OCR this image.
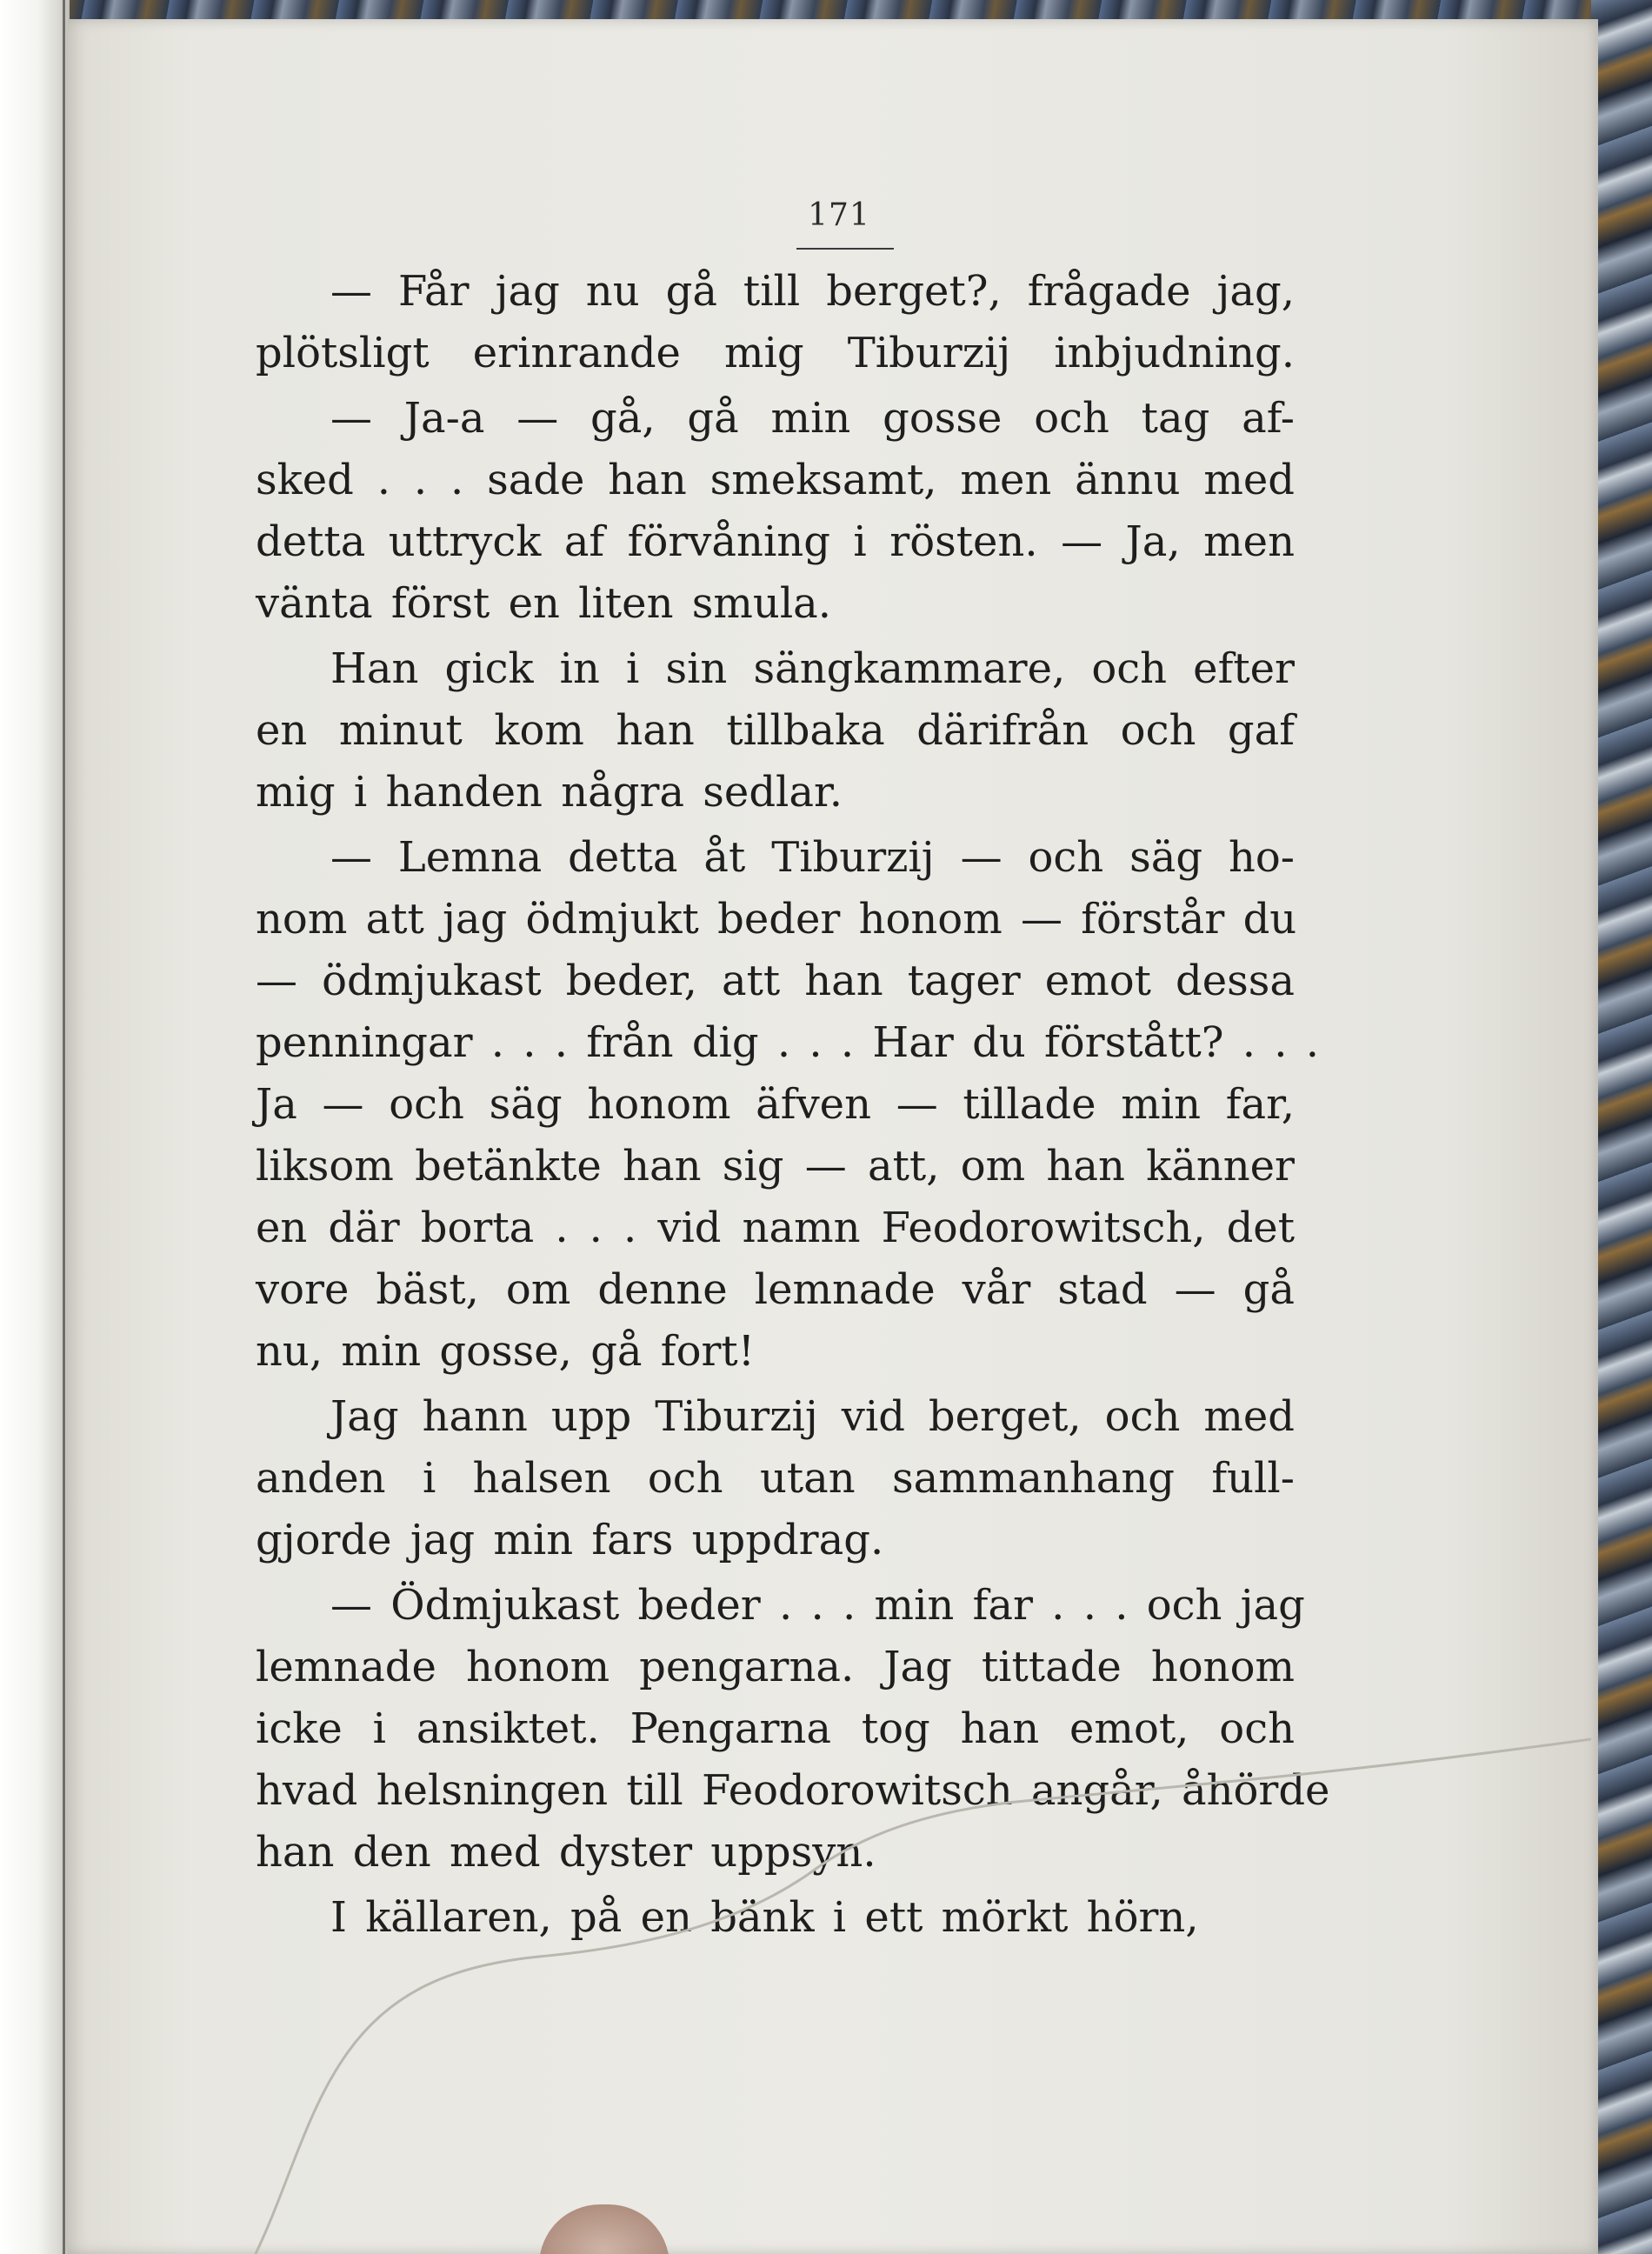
171
— Får jag nu gå till berget?, frågade jag,
plötsligt erinrande mig Tiburzij inbjudning.
— Ja-a — gå, gå min gosse och tag af-
sked . . . sade han smeksamt, men ännu med
detta uttryck af förvåning i rösten. — Ja, men
vänta först en liten smula.
Han gick in i sin sängkammare, och efter
en minut kom han tillbaka därifrån och gaf
mig i handen några sedlar.
— Lemna detta åt Tiburzij — och säg ho-
nom att jag ödmjukt beder honom — förstår du
— ödmjukast beder, att han tager emot dessa
penningar . . . från dig . . . Har du förstått? . . .
Ja — och säg honom äfven — tillade min far,
liksom betänkte han sig — att, om han känner
en där borta . . . vid namn Feodorowitsch, det
vore bäst, om denne lemnade vår stad — gå
nu, min gosse, gå fort!
Jag hann upp Tiburzij vid berget, och med
anden i halsen och utan sammanhang full-
gjorde jag min fars uppdrag.
— Ödmjukast beder . . . min far . . . och jag
lemnade honom pengarna. Jag tittade honom
icke i ansiktet. Pengarna tog han emot, och
hvad helsningen till Feodorowitsch angår, åhörde
han den med dyster uppsyn.
I källaren, på en bänk i ett mörkt hörn,
